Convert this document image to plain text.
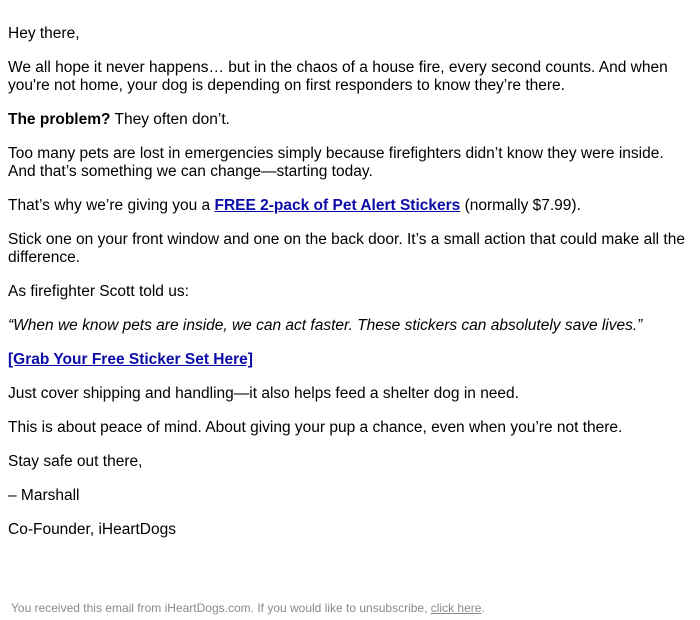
Hey there,

We all hope it never happens… but in the chaos of a house fire, every second counts. And when you're not home, your dog is depending on first responders to know they’re there.

The problem? They often don’t.

Too many pets are lost in emergencies simply because firefighters didn’t know they were inside. And that’s something we can change—starting today.

That’s why we’re giving you a FREE 2-pack of Pet Alert Stickers (normally $7.99).

Stick one on your front window and one on the back door. It’s a small action that could make all the difference.

As firefighter Scott told us:

“When we know pets are inside, we can act faster. These stickers can absolutely save lives.”

[Grab Your Free Sticker Set Here]

Just cover shipping and handling—it also helps feed a shelter dog in need.

This is about peace of mind. About giving your pup a chance, even when you’re not there.

Stay safe out there,

– Marshall

Co-Founder, iHeartDogs

You received this email from iHeartDogs.com. If you would like to unsubscribe, click here.
